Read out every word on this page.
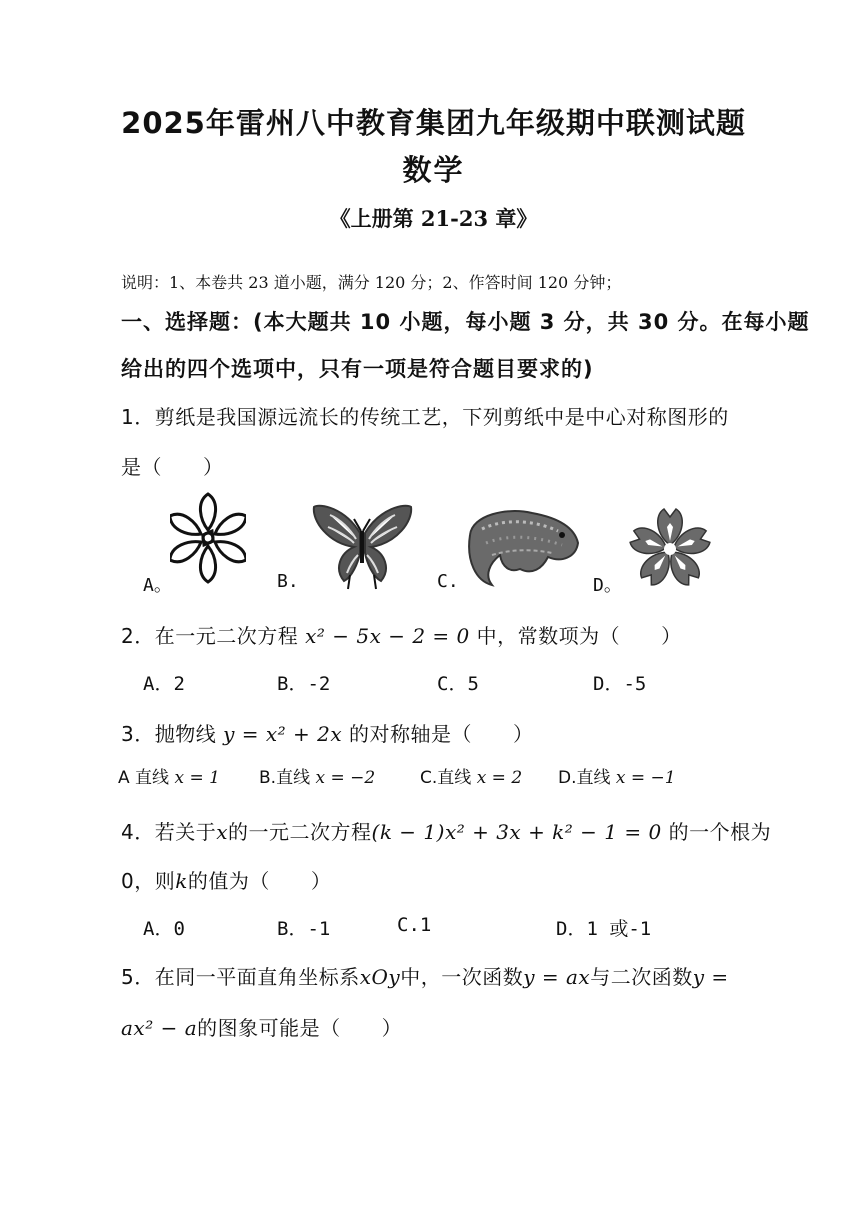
2025年雷州八中教育集团九年级期中联测试题
数学
《上册第 21-23 章》
说明：1、本卷共 23 道小题，满分 120 分；2、作答时间 120 分钟；
一、选择题：(本大题共 10 小题，每小题 3 分，共 30 分。在每小题
给出的四个选项中，只有一项是符合题目要求的)
1．剪纸是我国源远流长的传统工艺，下列剪纸中是中心对称图形的
是（　　）
A。	B.	C.	D。
2．在一元二次方程 x² − 5x − 2 = 0 中，常数项为（　　）
A．2	B．-2	C．5	D．-5
3．抛物线 y = x² + 2x 的对称轴是（　　）
A 直线 x = 1 B.直线 x = −2	C.直线 x = 2 D.直线 x = −1
4．若关于x的一元二次方程(k − 1)x² + 3x + k² − 1 = 0 的一个根为
0，则k的值为（　　）
A．0	B．-1	C.1	D．1 或-1
5．在同一平面直角坐标系xOy中，一次函数y = ax与二次函数y =
ax² − a的图象可能是（　　）
